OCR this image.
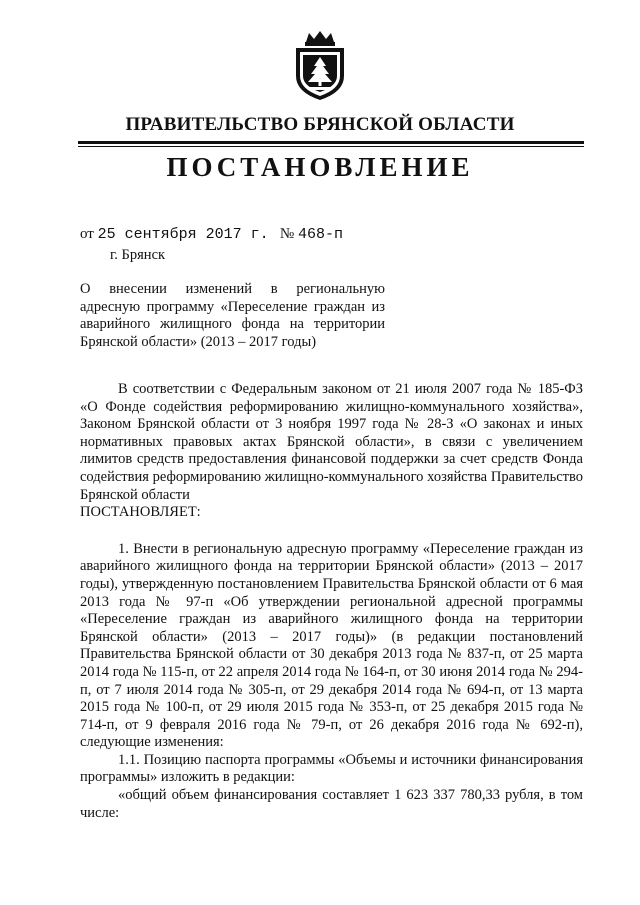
ПРАВИТЕЛЬСТВО БРЯНСКОЙ ОБЛАСТИ
ПОСТАНОВЛЕНИЕ
от 25 сентября 2017 г. № 468-п
г. Брянск
О внесении изменений в региональную адресную программу «Переселение граждан из аварийного жилищного фонда на территории Брянской области» (2013 – 2017 годы)

В соответствии с Федеральным законом от 21 июля 2007 года № 185-ФЗ «О Фонде содействия реформированию жилищно-коммунального хозяйства», Законом Брянской области от 3 ноября 1997 года № 28-З «О законах и иных нормативных правовых актах Брянской области», в связи с увеличением лимитов средств предоставления финансовой поддержки за счет средств Фонда содействия реформированию жилищно-коммунального хозяйства Правительство Брянской области

ПОСТАНОВЛЯЕТ:

1. Внести в региональную адресную программу «Переселение граждан из аварийного жилищного фонда на территории Брянской области» (2013 – 2017 годы), утвержденную постановлением Правительства Брянской области от 6 мая 2013 года № 97-п «Об утверждении региональной адресной программы «Переселение граждан из аварийного жилищного фонда на территории Брянской области» (2013 – 2017 годы)» (в редакции постановлений Правительства Брянской области от 30 декабря 2013 года № 837-п, от 25 марта 2014 года № 115-п, от 22 апреля 2014 года № 164-п, от 30 июня 2014 года № 294-п, от 7 июля 2014 года № 305-п, от 29 декабря 2014 года № 694-п, от 13 марта 2015 года № 100-п, от 29 июля 2015 года № 353-п, от 25 декабря 2015 года № 714-п, от 9 февраля 2016 года № 79-п, от 26 декабря 2016 года № 692-п), следующие изменения:

1.1. Позицию паспорта программы «Объемы и источники финансирования программы» изложить в редакции:

«общий объем финансирования составляет 1 623 337 780,33 рубля, в том числе:
